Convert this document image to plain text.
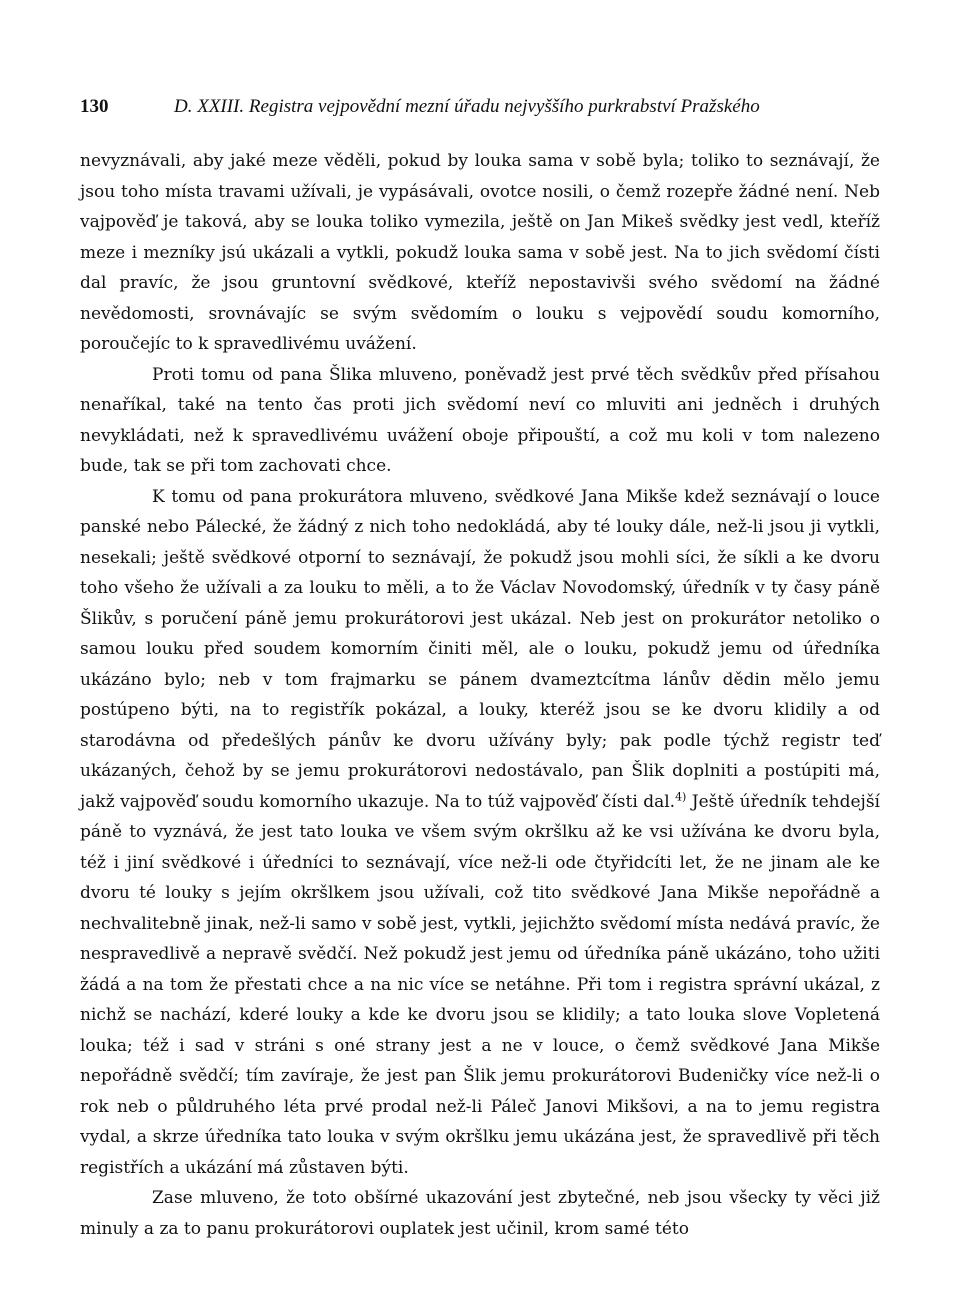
130	D. XXIII. Registra vejpovědní mezní úřadu nejvyššího purkrabství Pražského

nevyznávali, aby jaké meze věděli, pokud by louka sama v sobě byla; toliko to seznávají, že jsou toho místa travami užívali, je vypásávali, ovotce nosili, o čemž rozepře žádné není. Neb vajpověď je taková, aby se louka toliko vymezila, ještě on Jan Mikeš svědky jest vedl, kteříž meze i mezníky jsú ukázali a vytkli, pokudž louka sama v sobě jest. Na to jich svědomí čísti dal pravíc, že jsou gruntovní svědkové, kteříž nepostavivši svého svědomí na žádné nevědomosti, srovnávajíc se svým svědomím o louku s vejpovědí soudu komorního, poroučejíc to k spravedlivému uvážení.

Proti tomu od pana Šlika mluveno, poněvadž jest prvé těch svědkův před přísahou nenaříkal, také na tento čas proti jich svědomí neví co mluviti ani jedněch i druhých nevykládati, než k spravedlivému uvážení oboje připouští, a což mu koli v tom nalezeno bude, tak se při tom zachovati chce.

K tomu od pana prokurátora mluveno, svědkové Jana Mikše kdež seznávají o louce panské nebo Pálecké, že žádný z nich toho nedokládá, aby té louky dále, než-li jsou ji vytkli, nesekali; ještě svědkové otporní to seznávají, že pokudž jsou mohli síci, že síkli a ke dvoru toho všeho že užívali a za louku to měli, a to že Václav Novodomský, úředník v ty časy páně Šlikův, s poručení páně jemu prokurátorovi jest ukázal. Neb jest on prokurátor netoliko o samou louku před soudem komorním činiti měl, ale o louku, pokudž jemu od úředníka ukázáno bylo; neb v tom frajmarku se pánem dvameztcítma lánův dědin mělo jemu postúpeno býti, na to registřík pokázal, a louky, kteréž jsou se ke dvoru klidily a od starodávna od předešlých pánův ke dvoru užívány byly; pak podle týchž registr teď ukázaných, čehož by se jemu prokurátorovi nedostávalo, pan Šlik doplniti a postúpiti má, jakž vajpověď soudu komorního ukazuje. Na to túž vajpověď čísti dal.$^{4)}$ Ještě úředník tehdejší páně to vyznává, že jest tato louka ve všem svým okršlku až ke vsi užívána ke dvoru byla, též i jiní svědkové i úředníci to seznávají, více než-li ode čtyřidcíti let, že ne jinam ale ke dvoru té louky s jejím okršlkem jsou užívali, což tito svědkové Jana Mikše nepořádně a nechvalitebně jinak, než-li samo v sobě jest, vytkli, jejichžto svědomí místa nedává pravíc, že nespravedlivě a nepravě svědčí. Než pokudž jest jemu od úředníka páně ukázáno, toho užiti žádá a na tom že přestati chce a na nic více se netáhne. Při tom i registra správní ukázal, z nichž se nachází, kderé louky a kde ke dvoru jsou se klidily; a tato louka slove Vopletená louka; též i sad v stráni s oné strany jest a ne v louce, o čemž svědkové Jana Mikše nepořádně svědčí; tím zavíraje, že jest pan Šlik jemu prokurátorovi Budeničky více než-li o rok neb o půldruhého léta prvé prodal než-li Páleč Janovi Mikšovi, a na to jemu registra vydal, a skrze úředníka tato louka v svým okršlku jemu ukázána jest, že spravedlivě při těch registřích a ukázání má zůstaven býti.

Zase mluveno, že toto obšírné ukazování jest zbytečné, neb jsou všecky ty věci již minuly a za to panu prokurátorovi ouplatek jest učinil, krom samé této
